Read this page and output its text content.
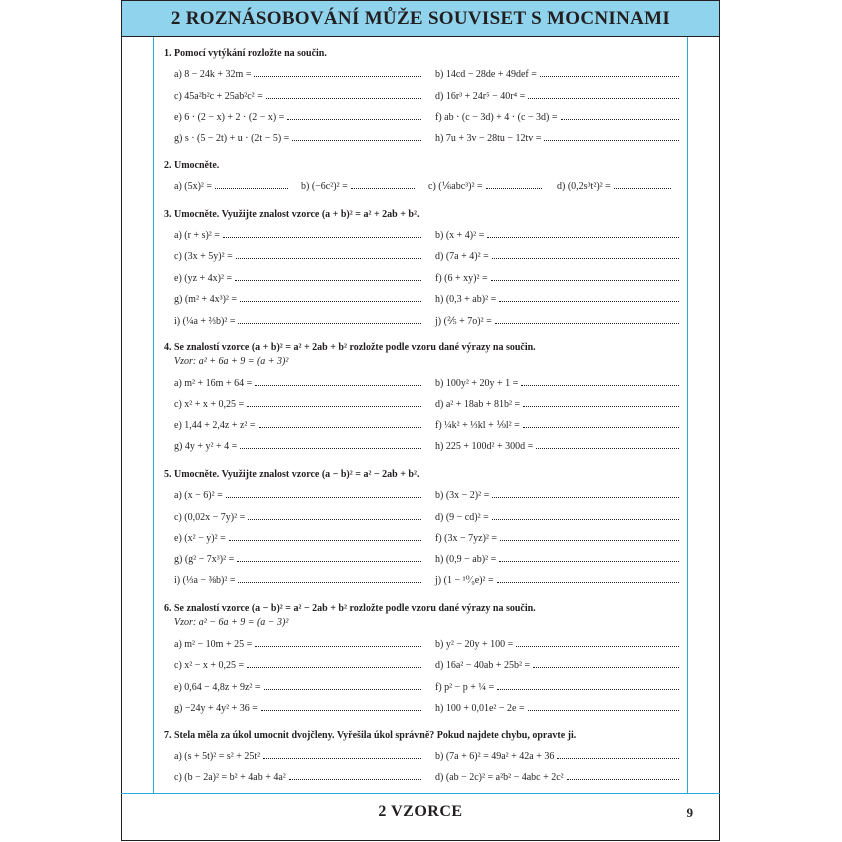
2 ROZNÁSOBOVÁNÍ MŮŽE SOUVISET S MOCNINAMI
2 VZORCE	9
1. Pomocí vytýkání rozložte na součin.
a) 8 − 24k + 32m =	b) 14cd − 28de + 49def =
c) 45a²b²c + 25ab²c² =	d) 16r³ + 24r⁵ − 40r⁴ =
e) 6 · (2 − x) + 2 · (2 − x) =	f) ab · (c − 3d) + 4 · (c − 3d) =
g) s · (5 − 2t) + u · (2t − 5) =	h) 7u + 3v − 28tu − 12tv =
2. Umocněte.
a) (5x)² =	b) (−6c²)² =	c) (⅙abc³)² =	d) (0,2s³t²)² =
3. Umocněte. Využijte znalost vzorce (a + b)² = a² + 2ab + b².
a) (r + s)² =	b) (x + 4)² =
c) (3x + 5y)² =	d) (7a + 4)² =
e) (yz + 4x)² =	f) (6 + xy)² =
g) (m² + 4x³)² =	h) (0,3 + ab)² =
i) (¼a + ⅔b)² =	j) (⅖ + 7o)² =
4. Se znalostí vzorce (a + b)² = a² + 2ab + b² rozložte podle vzoru dané výrazy na součin.
Vzor: a² + 6a + 9 = (a + 3)²
a) m² + 16m + 64 =	b) 100y² + 20y + 1 =
c) x² + x + 0,25 =	d) a² + 18ab + 81b² =
e) 1,44 + 2,4z + z² =	f) ¼k² + ⅓kl + ⅑l² =
g) 4y + y² + 4 =	h) 225 + 100d² + 300d =
5. Umocněte. Využijte znalost vzorce (a − b)² = a² − 2ab + b².
a) (x − 6)² =	b) (3x − 2)² =
c) (0,02x − 7y)² =	d) (9 − cd)² =
e) (x² − y)² =	f) (3x − 7yz)² =
g) (g² − 7x³)² =	h) (0,9 − ab)² =
i) (⅓a − ⅜b)² =	j) (1 − ¹⁰⁄₉e)² =
6. Se znalostí vzorce (a − b)² = a² − 2ab + b² rozložte podle vzoru dané výrazy na součin.
Vzor: a² − 6a + 9 = (a − 3)²
a) m² − 10m + 25 =	b) y² − 20y + 100 =
c) x² − x + 0,25 =	d) 16a² − 40ab + 25b² =
e) 0,64 − 4,8z + 9z² =	f) p² − p + ¼ =
g) −24y + 4y² + 36 =	h) 100 + 0,01e² − 2e =
7. Stela měla za úkol umocnit dvojčleny. Vyřešila úkol správně? Pokud najdete chybu, opravte ji.
a) (s + 5t)² = s² + 25t²	b) (7a + 6)² = 49a² + 42a + 36
c) (b − 2a)² = b² + 4ab + 4a²	d) (ab − 2c)² = a²b² − 4abc + 2c²
